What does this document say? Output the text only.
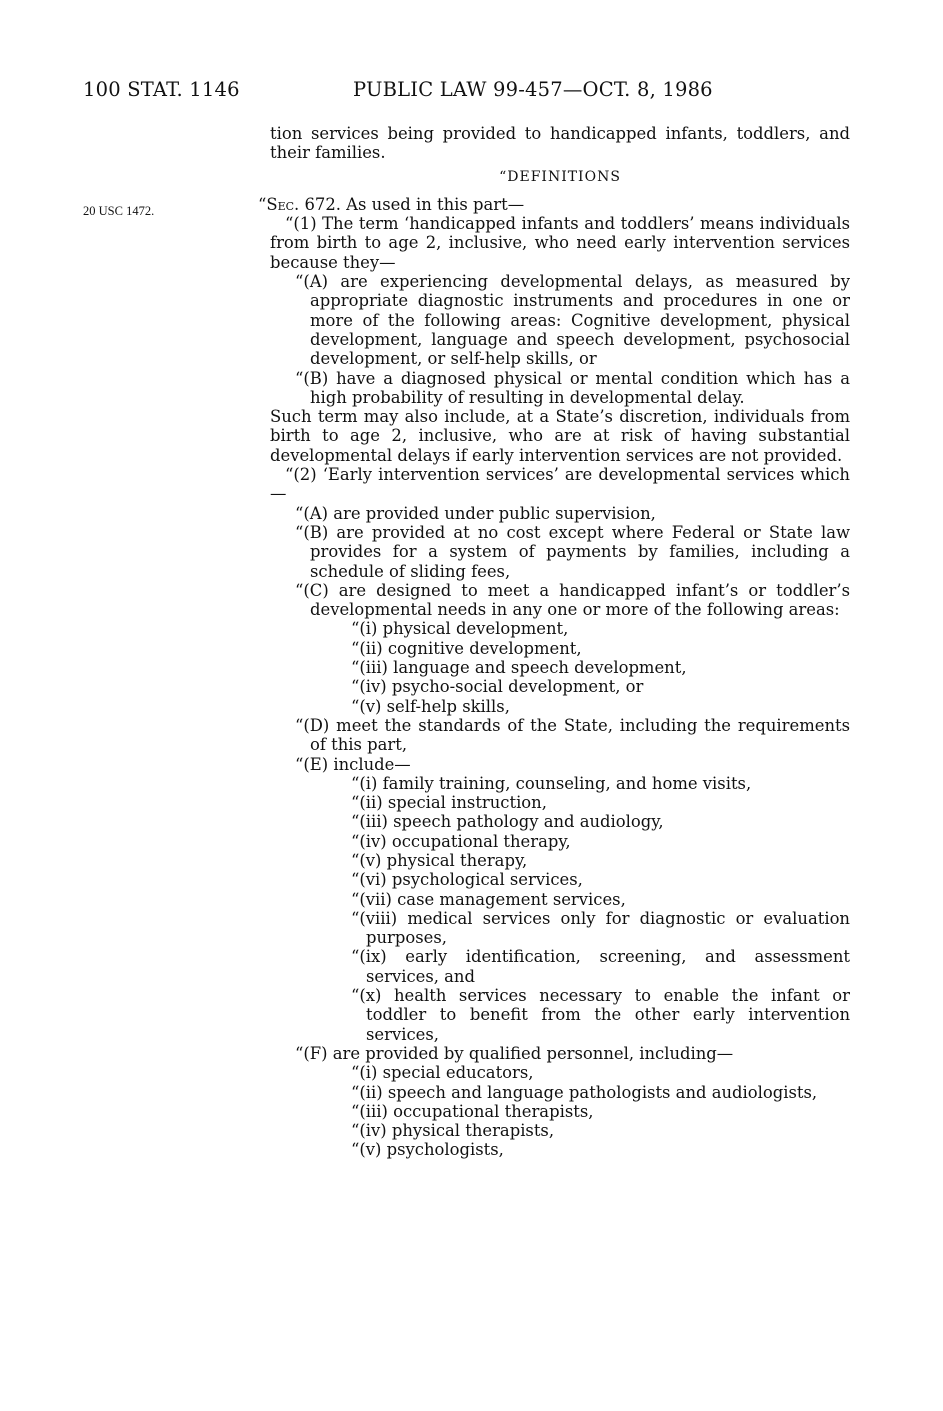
100 STAT. 1146	PUBLIC LAW 99-457—OCT. 8, 1986
20 USC 1472.

tion services being provided to handicapped infants, toddlers, and their families.

“DEFINITIONS

“Sec. 672. As used in this part—

“(1) The term ‘handicapped infants and toddlers’ means individuals from birth to age 2, inclusive, who need early intervention services because they—

“(A) are experiencing developmental delays, as measured by appropriate diagnostic instruments and procedures in one or more of the following areas: Cognitive development, physical development, language and speech development, psychosocial development, or self-help skills, or

“(B) have a diagnosed physical or mental condition which has a high probability of resulting in developmental delay.

Such term may also include, at a State’s discretion, individuals from birth to age 2, inclusive, who are at risk of having substantial developmental delays if early intervention services are not provided.

“(2) ‘Early intervention services’ are developmental services which—

“(A) are provided under public supervision,

“(B) are provided at no cost except where Federal or State law provides for a system of payments by families, including a schedule of sliding fees,

“(C) are designed to meet a handicapped infant’s or toddler’s developmental needs in any one or more of the following areas:

“(i) physical development,

“(ii) cognitive development,

“(iii) language and speech development,

“(iv) psycho-social development, or

“(v) self-help skills,

“(D) meet the standards of the State, including the requirements of this part,

“(E) include—

“(i) family training, counseling, and home visits,

“(ii) special instruction,

“(iii) speech pathology and audiology,

“(iv) occupational therapy,

“(v) physical therapy,

“(vi) psychological services,

“(vii) case management services,

“(viii) medical services only for diagnostic or evaluation purposes,

“(ix) early identification, screening, and assessment services, and

“(x) health services necessary to enable the infant or toddler to benefit from the other early intervention services,

“(F) are provided by qualified personnel, including—

“(i) special educators,

“(ii) speech and language pathologists and audiologists,

“(iii) occupational therapists,

“(iv) physical therapists,

“(v) psychologists,
